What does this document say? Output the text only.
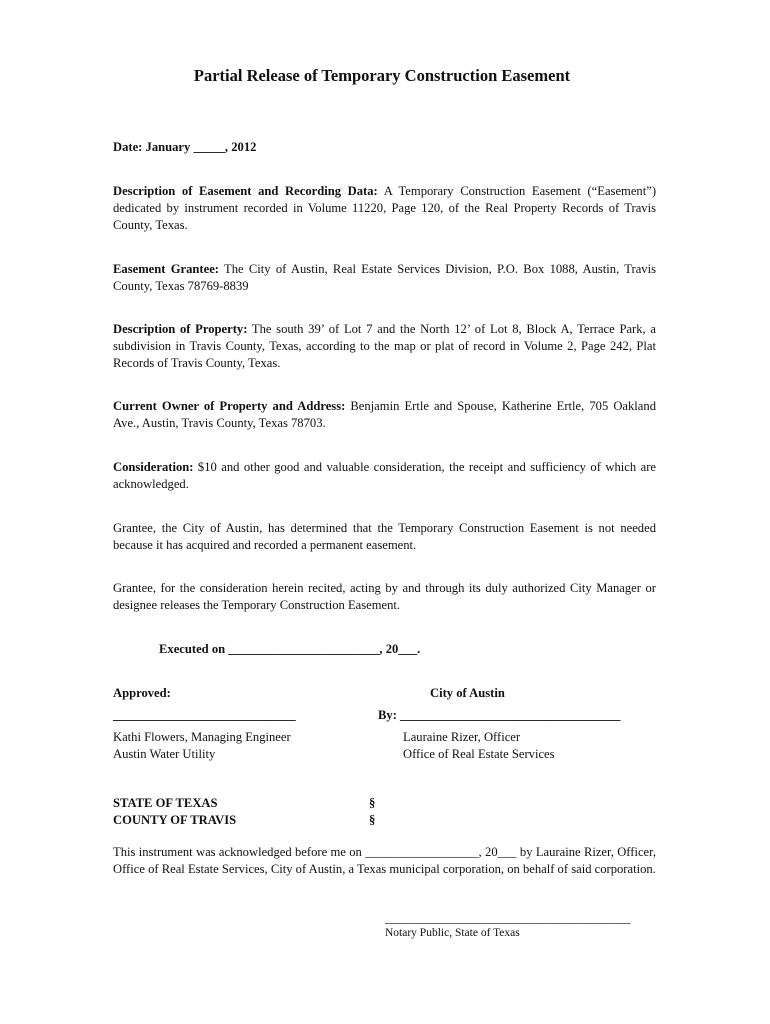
Partial Release of Temporary Construction Easement
Date: January _____, 2012
Description of Easement and Recording Data: A Temporary Construction Easement (“Easement”) dedicated by instrument recorded in Volume 11220, Page 120, of the Real Property Records of Travis County, Texas.
Easement Grantee: The City of Austin, Real Estate Services Division, P.O. Box 1088, Austin, Travis County, Texas 78769-8839
Description of Property: The south 39’ of Lot 7 and the North 12’ of Lot 8, Block A, Terrace Park, a subdivision in Travis County, Texas, according to the map or plat of record in Volume 2, Page 242, Plat Records of Travis County, Texas.
Current Owner of Property and Address: Benjamin Ertle and Spouse, Katherine Ertle, 705 Oakland Ave., Austin, Travis County, Texas 78703.
Consideration: $10 and other good and valuable consideration, the receipt and sufficiency of which are acknowledged.
Grantee, the City of Austin, has determined that the Temporary Construction Easement is not needed because it has acquired and recorded a permanent easement.
Grantee, for the consideration herein recited, acting by and through its duly authorized City Manager or designee releases the Temporary Construction Easement.
Executed on ________________________, 20___.
Approved:	City of Austin
_____________________________	By: ___________________________________
Kathi Flowers, Managing Engineer
Austin Water Utility
Lauraine Rizer, Officer
Office of Real Estate Services
STATE OF TEXAS
COUNTY OF TRAVIS
§
§
This instrument was acknowledged before me on __________________, 20___ by Lauraine Rizer, Officer, Office of Real Estate Services, City of Austin, a Texas municipal corporation, on behalf of said corporation.
_______________________________________
Notary Public, State of Texas
